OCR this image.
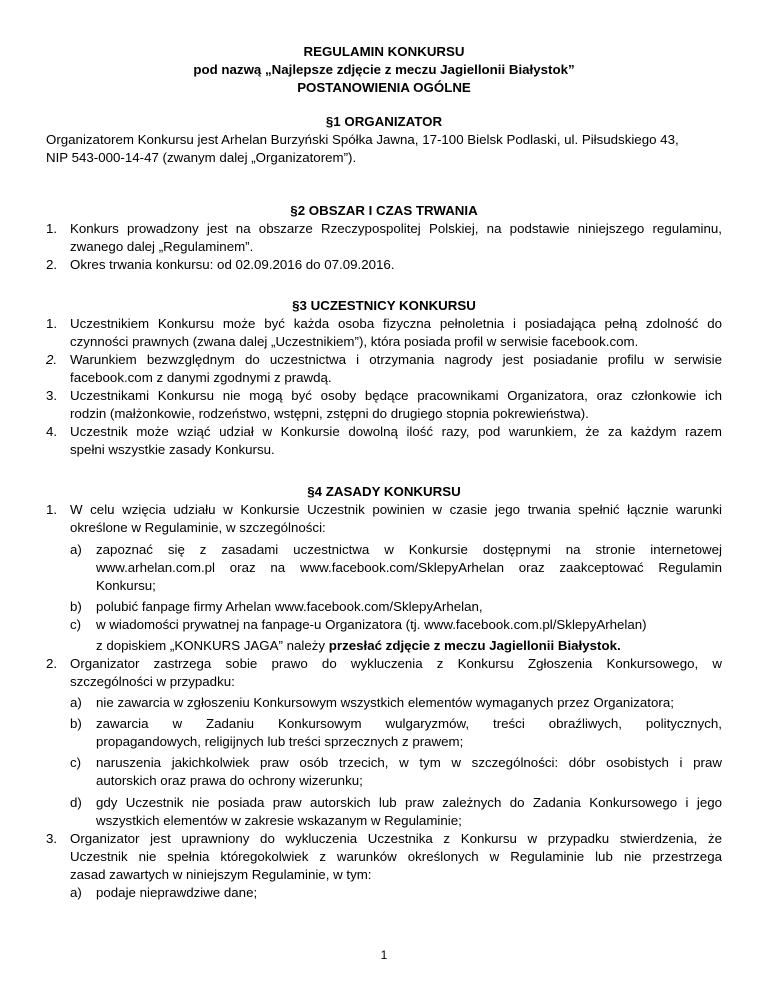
REGULAMIN KONKURSU
pod nazwą „Najlepsze zdjęcie z meczu Jagiellonii Białystok”
POSTANOWIENIA OGÓLNE
§1 ORGANIZATOR
Organizatorem Konkursu jest Arhelan Burzyński Spółka Jawna, 17-100 Bielsk Podlaski, ul. Piłsudskiego 43,
NIP 543-000-14-47 (zwanym dalej „Organizatorem”).
§2 OBSZAR I CZAS TRWANIA
1. Konkurs prowadzony jest na obszarze Rzeczypospolitej Polskiej, na podstawie niniejszego regulaminu,
zwanego dalej „Regulaminem”.
2. Okres trwania konkursu: od 02.09.2016 do 07.09.2016.
§3 UCZESTNICY KONKURSU
1. Uczestnikiem Konkursu może być każda osoba fizyczna pełnoletnia i posiadająca pełną zdolność do
czynności prawnych (zwana dalej „Uczestnikiem”), która posiada profil w serwisie facebook.com.
2. Warunkiem bezwzględnym do uczestnictwa i otrzymania nagrody jest posiadanie profilu w serwisie
facebook.com z danymi zgodnymi z prawdą.
3. Uczestnikami Konkursu nie mogą być osoby będące pracownikami Organizatora, oraz członkowie ich
rodzin (małżonkowie, rodzeństwo, wstępni, zstępni do drugiego stopnia pokrewieństwa).
4. Uczestnik może wziąć udział w Konkursie dowolną ilość razy, pod warunkiem, że za każdym razem
spełni wszystkie zasady Konkursu.
§4 ZASADY KONKURSU
1. W celu wzięcia udziału w Konkursie Uczestnik powinien w czasie jego trwania spełnić łącznie warunki
określone w Regulaminie, w szczególności:
a) zapoznać się z zasadami uczestnictwa w Konkursie dostępnymi na stronie internetowej
www.arhelan.com.pl oraz na www.facebook.com/SklepyArhelan oraz zaakceptować Regulamin
Konkursu;
b) polubić fanpage firmy Arhelan www.facebook.com/SklepyArhelan,
c) w wiadomości prywatnej na fanpage-u Organizatora (tj. www.facebook.com.pl/SklepyArhelan)
z dopiskiem „KONKURS JAGA” należy przesłać zdjęcie z meczu Jagiellonii Białystok.
2. Organizator zastrzega sobie prawo do wykluczenia z Konkursu Zgłoszenia Konkursowego, w
szczególności w przypadku:
a) nie zawarcia w zgłoszeniu Konkursowym wszystkich elementów wymaganych przez Organizatora;
b) zawarcia w Zadaniu Konkursowym wulgaryzmów, treści obraźliwych, politycznych,
propagandowych, religijnych lub treści sprzecznych z prawem;
c) naruszenia jakichkolwiek praw osób trzecich, w tym w szczególności: dóbr osobistych i praw
autorskich oraz prawa do ochrony wizerunku;
d) gdy Uczestnik nie posiada praw autorskich lub praw zależnych do Zadania Konkursowego i jego
wszystkich elementów w zakresie wskazanym w Regulaminie;
3. Organizator jest uprawniony do wykluczenia Uczestnika z Konkursu w przypadku stwierdzenia, że
Uczestnik nie spełnia któregokolwiek z warunków określonych w Regulaminie lub nie przestrzega
zasad zawartych w niniejszym Regulaminie, w tym:
a) podaje nieprawdziwe dane;
1
